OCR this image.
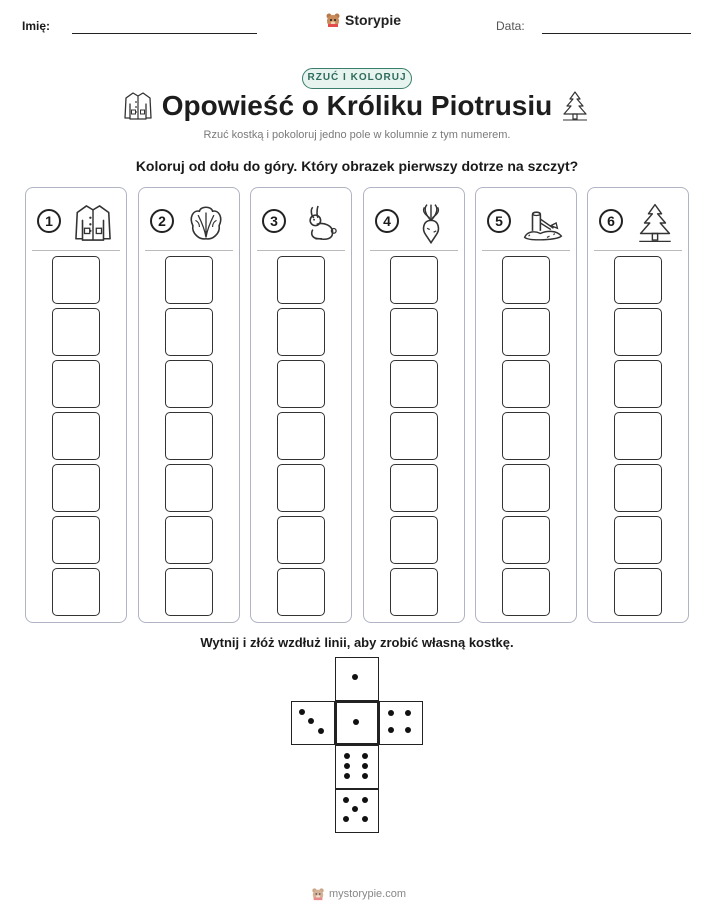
Imię:	Storypie	Data:
RZUĆ I KOLORUJ
Opowieść o Króliku Piotrusiu
Rzuć kostką i pokoloruj jedno pole w kolumnie z tym numerem.
Koloruj od dołu do góry. Który obrazek pierwszy dotrze na szczyt?
1	2	3	4	5	6
Wytnij i złóż wzdłuż linii, aby zrobić własną kostkę.
mystorypie.com
